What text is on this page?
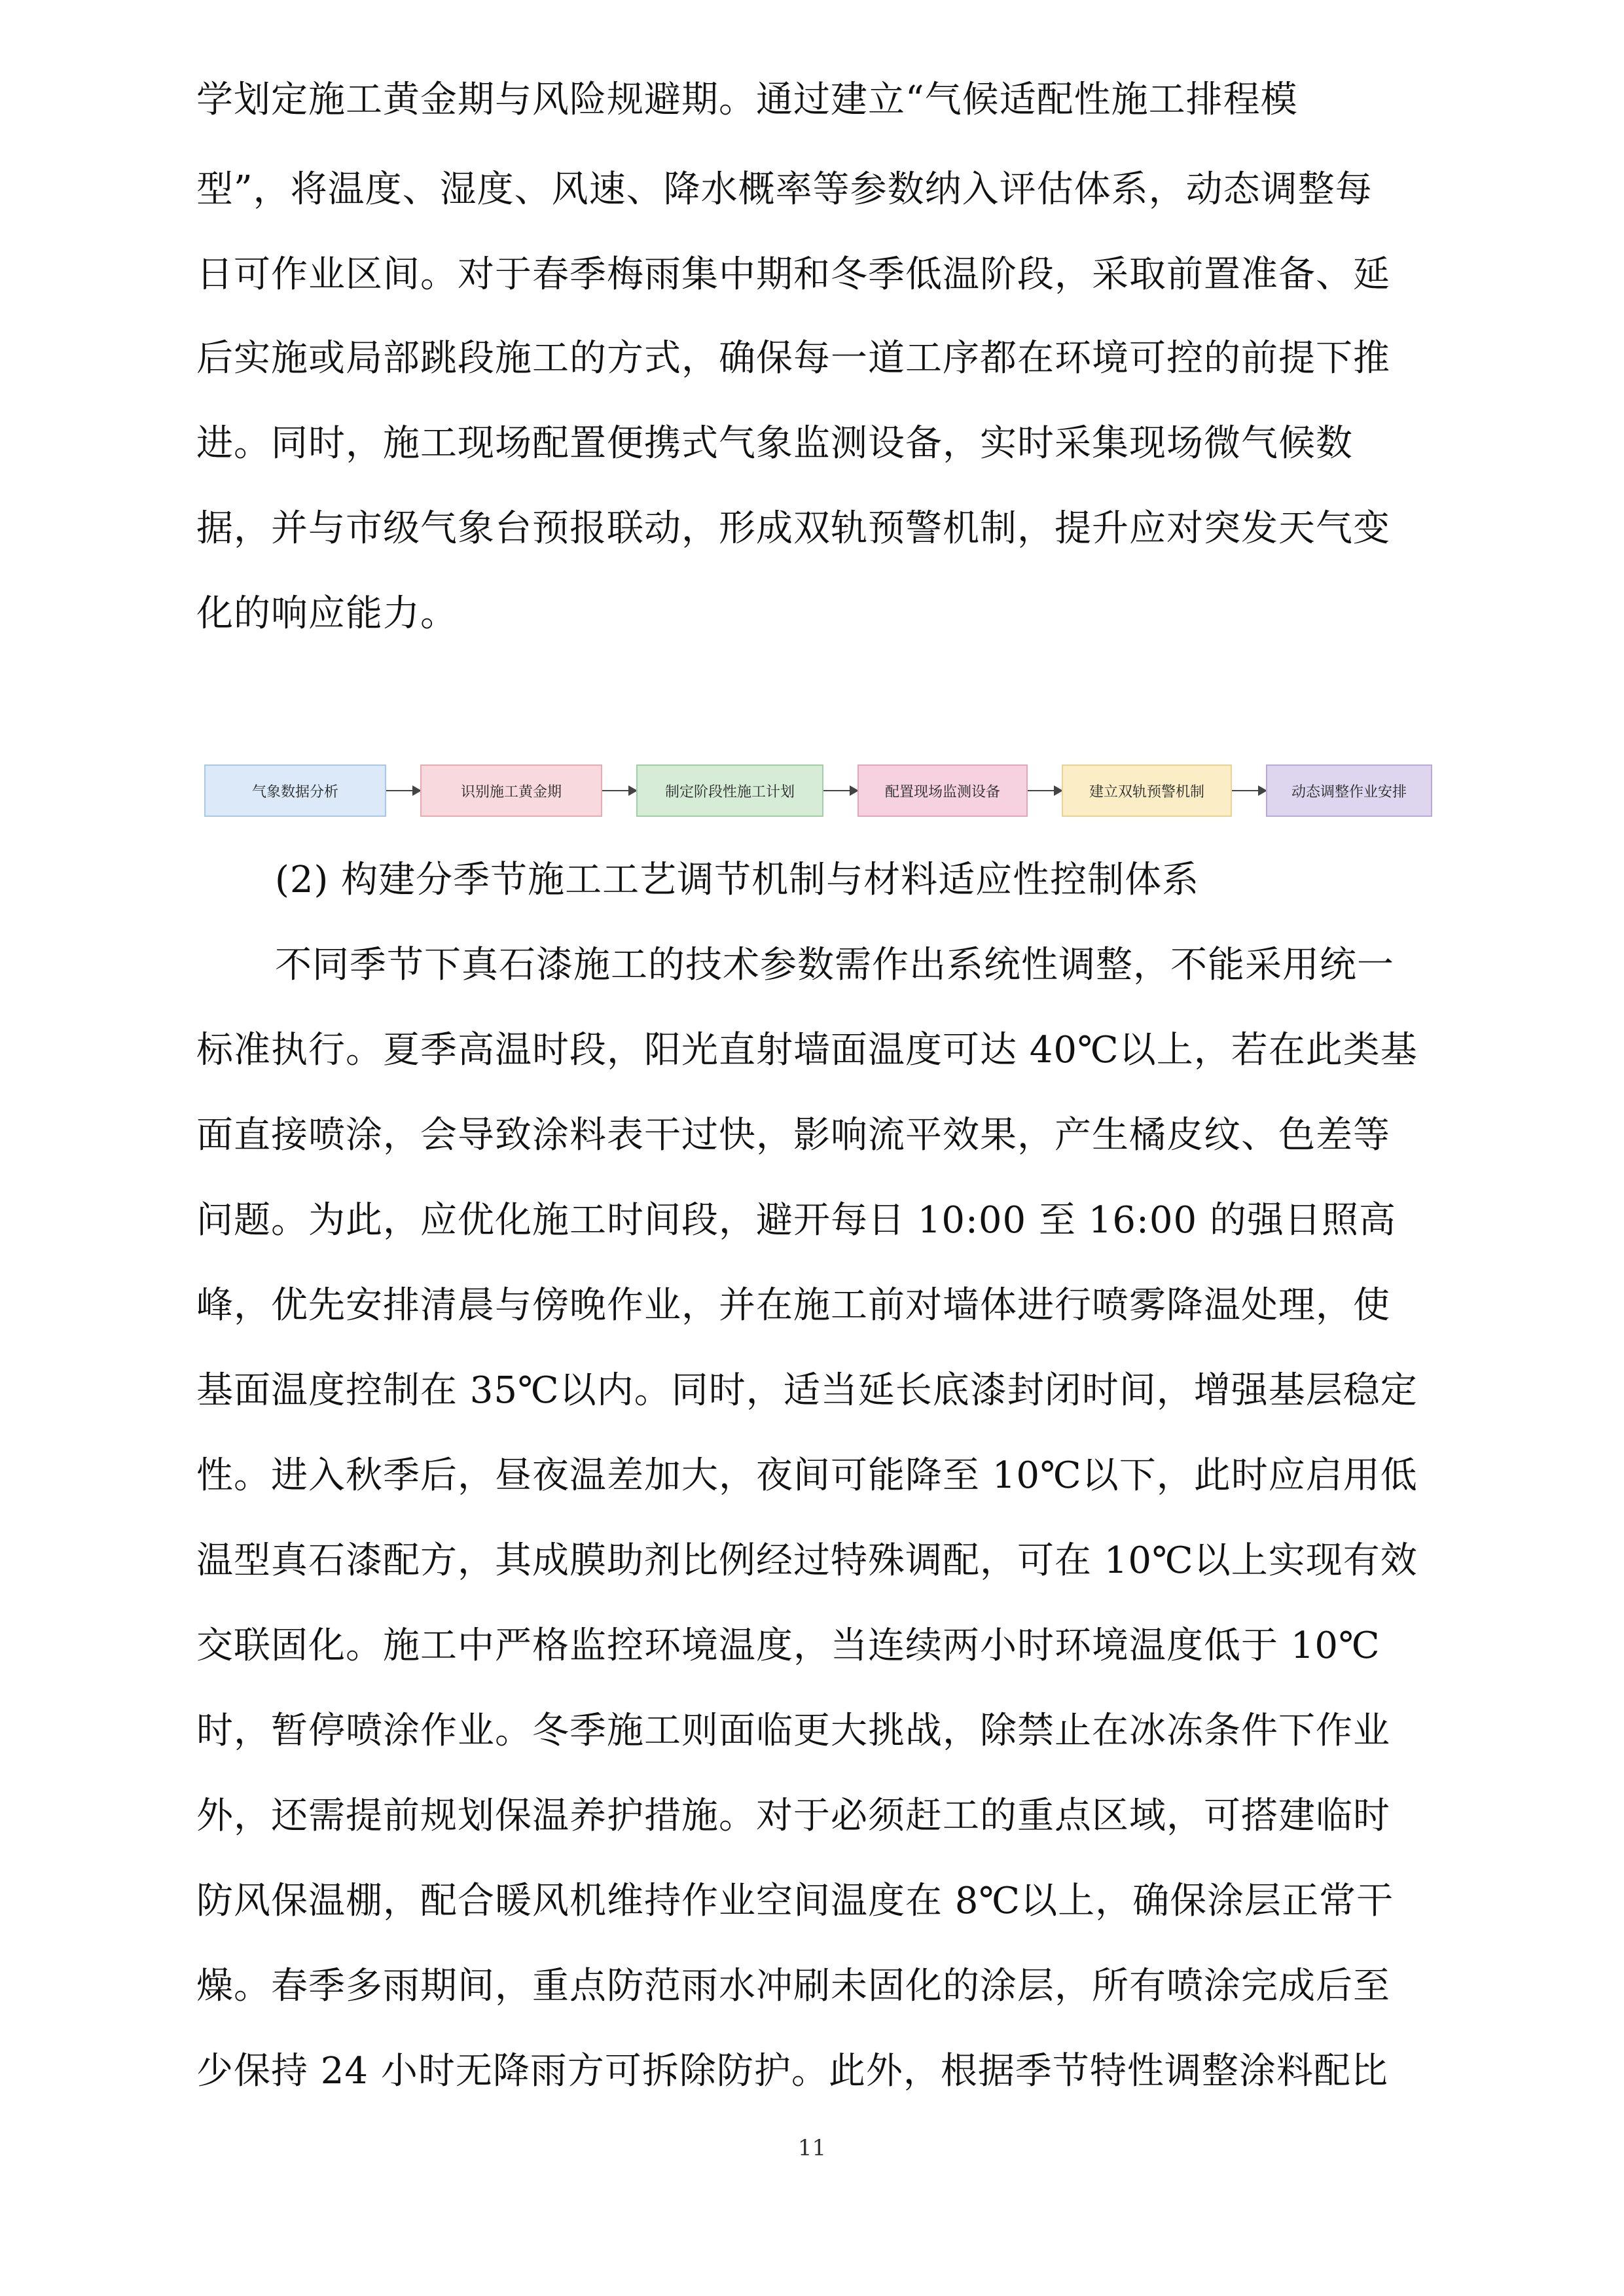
学划定施工黄金期与风险规避期。通过建立“气候适配性施工排程模
型”，将温度、湿度、风速、降水概率等参数纳入评估体系，动态调整每
日可作业区间。对于春季梅雨集中期和冬季低温阶段，采取前置准备、延
后实施或局部跳段施工的方式，确保每一道工序都在环境可控的前提下推
进。同时，施工现场配置便携式气象监测设备，实时采集现场微气候数
据，并与市级气象台预报联动，形成双轨预警机制，提升应对突发天气变
化的响应能力。
气象数据分析	识别施工黄金期	制定阶段性施工计划	配置现场监测设备	建立双轨预警机制	动态调整作业安排
(2) 构建分季节施工工艺调节机制与材料适应性控制体系
不同季节下真石漆施工的技术参数需作出系统性调整，不能采用统一
标准执行。夏季高温时段，阳光直射墙面温度可达 40℃以上，若在此类基
面直接喷涂，会导致涂料表干过快，影响流平效果，产生橘皮纹、色差等
问题。为此，应优化施工时间段，避开每日 10:00 至 16:00 的强日照高
峰，优先安排清晨与傍晚作业，并在施工前对墙体进行喷雾降温处理，使
基面温度控制在 35℃以内。同时，适当延长底漆封闭时间，增强基层稳定
性。进入秋季后，昼夜温差加大，夜间可能降至 10℃以下，此时应启用低
温型真石漆配方，其成膜助剂比例经过特殊调配，可在 10℃以上实现有效
交联固化。施工中严格监控环境温度，当连续两小时环境温度低于 10℃
时，暂停喷涂作业。冬季施工则面临更大挑战，除禁止在冰冻条件下作业
外，还需提前规划保温养护措施。对于必须赶工的重点区域，可搭建临时
防风保温棚，配合暖风机维持作业空间温度在 8℃以上，确保涂层正常干
燥。春季多雨期间，重点防范雨水冲刷未固化的涂层，所有喷涂完成后至
少保持 24 小时无降雨方可拆除防护。此外，根据季节特性调整涂料配比
11
